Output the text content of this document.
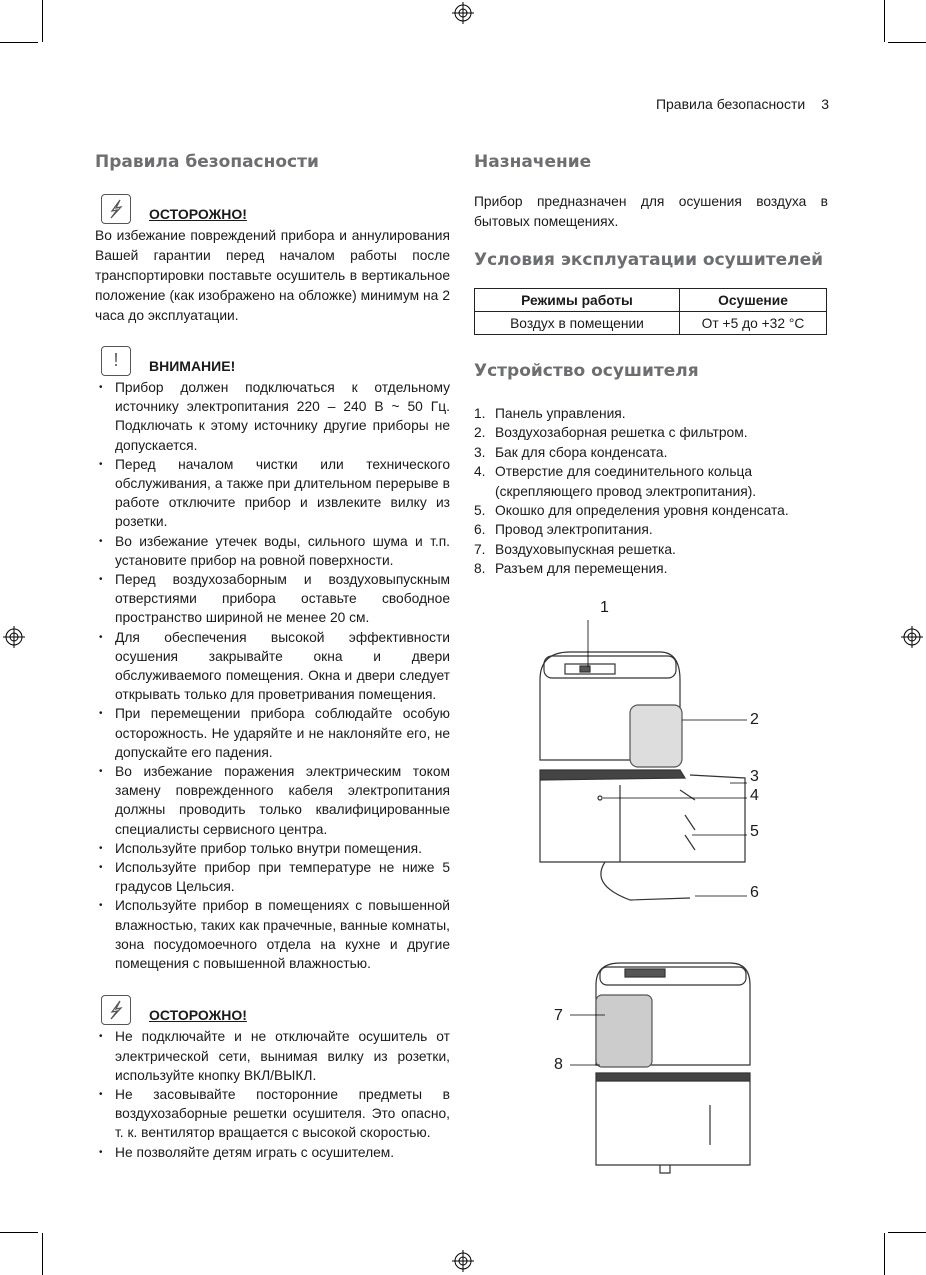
Правила безопасности 3
Правила безопасности
ОСТОРОЖНО!

Во избежание повреждений прибора и аннулирования Вашей гарантии перед началом работы после транспортировки поставьте осушитель в вертикальное положение (как изображено на обложке) минимум на 2 часа до эксплуатации.

!	ВНИМАНИЕ!
• Прибор должен подключаться к отдельному источнику электропитания 220 – 240 В ~ 50 Гц. Подключать к этому источнику другие приборы не допускается.
• Перед началом чистки или технического обслуживания, а также при длительном перерыве в работе отключите прибор и извлеките вилку из розетки.
• Во избежание утечек воды, сильного шума и т.п. установите прибор на ровной поверхности.
• Перед воздухозаборным и воздуховыпускным отверстиями прибора оставьте свободное пространство шириной не менее 20 см.
• Для обеспечения высокой эффективности осушения закрывайте окна и двери обслуживаемого помещения. Окна и двери следует открывать только для проветривания помещения.
• При перемещении прибора соблюдайте особую осторожность. Не ударяйте и не наклоняйте его, не допускайте его падения.
• Во избежание поражения электрическим током замену поврежденного кабеля электропитания должны проводить только квалифицированные специалисты сервисного центра.
• Используйте прибор только внутри помещения.
• Используйте прибор при температуре не ниже 5 градусов Цельсия.
• Используйте прибор в помещениях с повышенной влажностью, таких как прачечные, ванные комнаты, зона посудомоечного отдела на кухне и другие помещения с повышенной влажностью.
ОСТОРОЖНО!
• Не подключайте и не отключайте осушитель от электрической сети, вынимая вилку из розетки, используйте кнопку ВКЛ/ВЫКЛ.
• Не засовывайте посторонние предметы в воздухозаборные решетки осушителя. Это опасно, т. к. вентилятор вращается с высокой скоростью.
• Не позволяйте детям играть с осушителем.
Назначение

Прибор предназначен для осушения воздуха в бытовых помещениях.

Условия эксплуатации осушителей
Режимы работы	Осушение
Воздух в помещении	От +5 до +32 °C
Устройство осушителя
1. Панель управления.
2. Воздухозаборная решетка с фильтром.
3. Бак для сбора конденсата.
4. Отверстие для соединительного кольца (скрепляющего провод электропитания).
5. Окошко для определения уровня конденсата.
6. Провод электропитания.
7. Воздуховыпускная решетка.
8. Разъем для перемещения.
1
2
3
4
5
6
7
8
